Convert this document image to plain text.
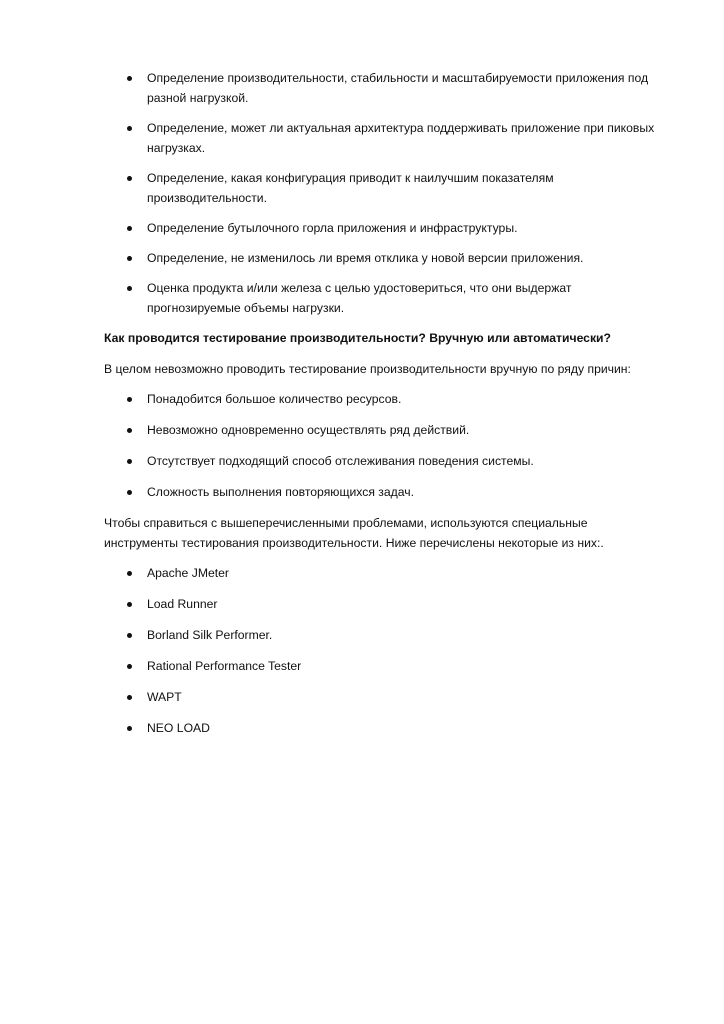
Определение производительности, стабильности и масштабируемости приложения под разной нагрузкой.
Определение, может ли актуальная архитектура поддерживать приложение при пиковых нагрузках.
Определение, какая конфигурация приводит к наилучшим показателям производительности.
Определение бутылочного горла приложения и инфраструктуры.
Определение, не изменилось ли время отклика у новой версии приложения.
Оценка продукта и/или железа с целью удостовериться, что они выдержат прогнозируемые объемы нагрузки.

Как проводится тестирование производительности? Вручную или автоматически?

В целом невозможно проводить тестирование производительности вручную по ряду причин:

Понадобится большое количество ресурсов.
Невозможно одновременно осуществлять ряд действий.
Отсутствует подходящий способ отслеживания поведения системы.
Сложность выполнения повторяющихся задач.

Чтобы справиться с вышеперечисленными проблемами, используются специальные инструменты тестирования производительности. Ниже перечислены некоторые из них:.

Apache JMeter
Load Runner
Borland Silk Performer.
Rational Performance Tester
WAPT
NEO LOAD
